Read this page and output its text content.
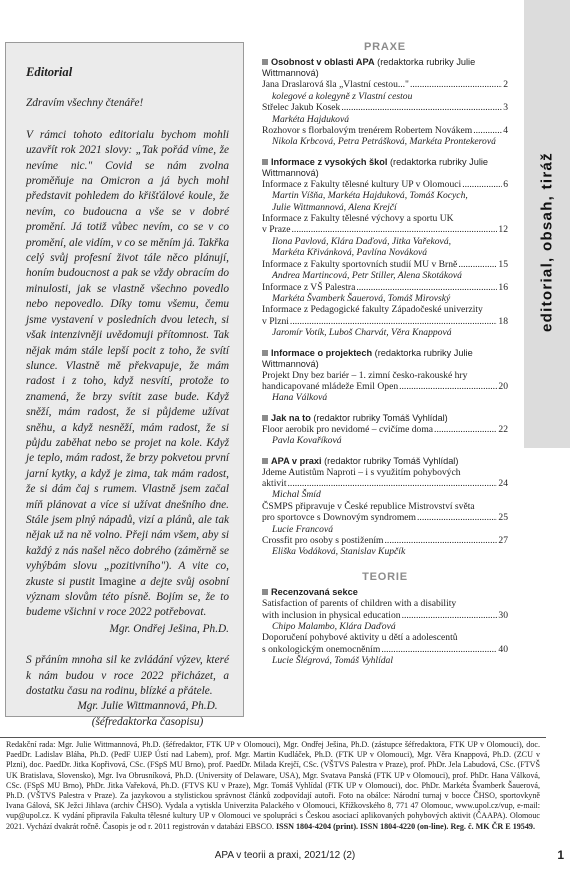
editorial, obsah, tiráž
Editorial
Zdravím všechny čtenáře!
V rámci tohoto editorialu bychom mohli uzavřít rok 2021 slovy: „Tak pořád víme, že nevíme nic." Covid se nám zvolna proměňuje na Omicron a já bych mohl představit pohledem do křišťálové koule, že nevím, co budoucna a vše se v dobré promění. Já totiž vůbec nevím, co se v co promění, ale vidím, v co se měním já. Takřka celý svůj profesní život tále něco plánují, honím budoucnost a pak se vždy obracím do minulosti, jak se vlastně všechno povedlo nebo nepovedlo. Díky tomu všemu, čemu jsme vystavení v posledních dvou letech, si však intenzivněji uvědomuji přítomnost. Tak nějak mám stále lepší pocit z toho, že svítí slunce. Vlastně mě překvapuje, že mám radost i z toho, když nesvítí, protože to znamená, že brzy svítit zase bude. Když sněží, mám radost, že si půjdeme užívat sněhu, a když nesněží, mám radost, že si půjdu zaběhat nebo se projet na kole. Když je teplo, mám radost, že brzy pokvetou první jarní kytky, a když je zima, tak mám radost, že si dám čaj s rumem. Vlastně jsem začal míň plánovat a více si užívat dnešního dne. Stále jsem plný nápadů, vizí a plánů, ale tak nějak už na ně volno. Přeji nám všem, aby si každý z nás našel něco dobrého (záměrně se vyhýbám slovu „pozitivního"). A vite co, zkuste si pustit Imagine a dejte svůj osobní význam slovům této písně. Bojím se, že to budeme všichni v roce 2022 potřebovat.
Mgr. Ondřej Ješina, Ph.D.
S přáním mnoha sil ke zvládání výzev, které k nám budou v roce 2022 přicházet, a dostatku času na rodinu, blízké a přátele.
Mgr. Julie Wittmannová, Ph.D.
(šéfredaktorka časopisu)
PRAXE
Osobnost v oblasti APA (redaktorka rubriky Julie Wittmannová)
Jana Draslarová šla „Vlastní cestou..." .....	2
kolegové a kolegyně z Vlastní cestou
Střelec Jakub Kosek .....	3
Markéta Hajduková
Rozhovor s florbalovým trenérem Robertem Novákem .....	4
Nikola Krbcová, Petra Petrášková, Markéta Prontekerová
Informace z vysokých škol (redaktorka rubriky Julie Wittmannová)
Informace z Fakulty tělesné kultury UP v Olomouci .....	6
Martin Víšňa, Markéta Hajduková, Tomáš Kocych,
Julie Wittmannová, Alena Krejčí
Informace z Fakulty tělesné výchovy a sportu UK
v Praze .....	12
Ilona Pavlová, Klára Daďová, Jitka Vařeková,
Markéta Křivánková, Pavlína Nováková
Informace z Fakulty sportovních studií MU v Brně .....	15
Andrea Martincová, Petr Stiller, Alena Skotáková
Informace z VŠ Palestra .....	16
Markéta Švamberk Šauerová, Tomáš Mirovský
Informace z Pedagogické fakulty Západočeské univerzity
v Plzni .....	18
Jaromír Votík, Luboš Charvát, Věra Knappová
Informace o projektech (redaktorka rubriky Julie Wittmannová)
Projekt Dny bez bariér – 1. zimní česko-rakouské hry
handicapované mládeže Emil Open .....	20
Hana Válková
Jak na to (redaktor rubriky Tomáš Vyhlídal)
Floor aerobik pro nevidomé – cvičíme doma .....	22
Pavla Kovaříková
APA v praxi (redaktor rubriky Tomáš Vyhlídal)
Jdeme Autistům Naproti – i s využitím pohybových
aktivit .....	24
Michal Šmíd
ČSMPS připravuje v České republice Mistrovství světa
pro sportovce s Downovým syndromem .....	25
Lucie Francová
Crossfit pro osoby s postižením .....	27
Eliška Vodáková, Stanislav Kupčík
TEORIE
Recenzovaná sekce
Satisfaction of parents of children with a disability
with inclusion in physical education .....	30
Chipo Malambo, Klára Daďová
Doporučení pohybové aktivity u dětí a adolescentů
s onkologickým onemocněním .....	40
Lucie Šlégrová, Tomáš Vyhlídal
Redakční rada: Mgr. Julie Wittmannová, Ph.D. (šéfredaktor, FTK UP v Olomouci), Mgr. Ondřej Ješina, Ph.D. (zástupce šéfredaktora, FTK UP v Olomouci), doc. PaedDr. Ladislav Bláha, Ph.D. (PedF UJEP Ústí nad Labem), prof. Mgr. Martin Kudláček, Ph.D. (FTK UP v Olomouci), Mgr. Věra Knappová, Ph.D. (ZCU v Plzni), doc. PaedDr. Jitka Kopřivová, CSc. (FSpS MU Brno), prof. PaedDr. Milada Krejčí, CSc. (VŠTVS Palestra v Praze), prof. PhDr. Jela Labudová, CSc. (FTVŠ UK Bratislava, Slovensko), Mgr. Iva Obrusníková, Ph.D. (University of Delaware, USA), Mgr. Svatava Panská (FTK UP v Olomouci), prof. PhDr. Hana Válková, CSc. (FSpS MU Brno), PhDr. Jitka Vařeková, Ph.D. (FTVS KU v Praze), Mgr. Tomáš Vyhlídal (FTK UP v Olomouci), doc. PhDr. Markéta Švamberk Šauerová, Ph.D. (VŠTVS Palestra v Praze). Za jazykovou a stylistickou správnost článků zodpovídají autoři. Foto na obálce: Národní turnaj v bocce ČHSO, sportovkyně Ivana Gálová, SK Ježci Jihlava (archiv ČHSO). Vydala a vytiskla Univerzita Palackého v Olomouci, Křížkovského 8, 771 47 Olomouc, www.upol.cz/vup, e-mail: vup@upol.cz. K vydání připravila Fakulta tělesné kultury UP v Olomouci ve spolupráci s Českou asociací aplikovaných pohybových aktivit (ČAAPA). Olomouc 2021. Vychází dvakrát ročně. Časopis je od r. 2011 registrován v databázi EBSCO. ISSN 1804-4204 (print). ISSN 1804-4220 (on-line). Reg. č. MK ČR E 19549.
APA v teorii a praxi, 2021/12 (2)	1
